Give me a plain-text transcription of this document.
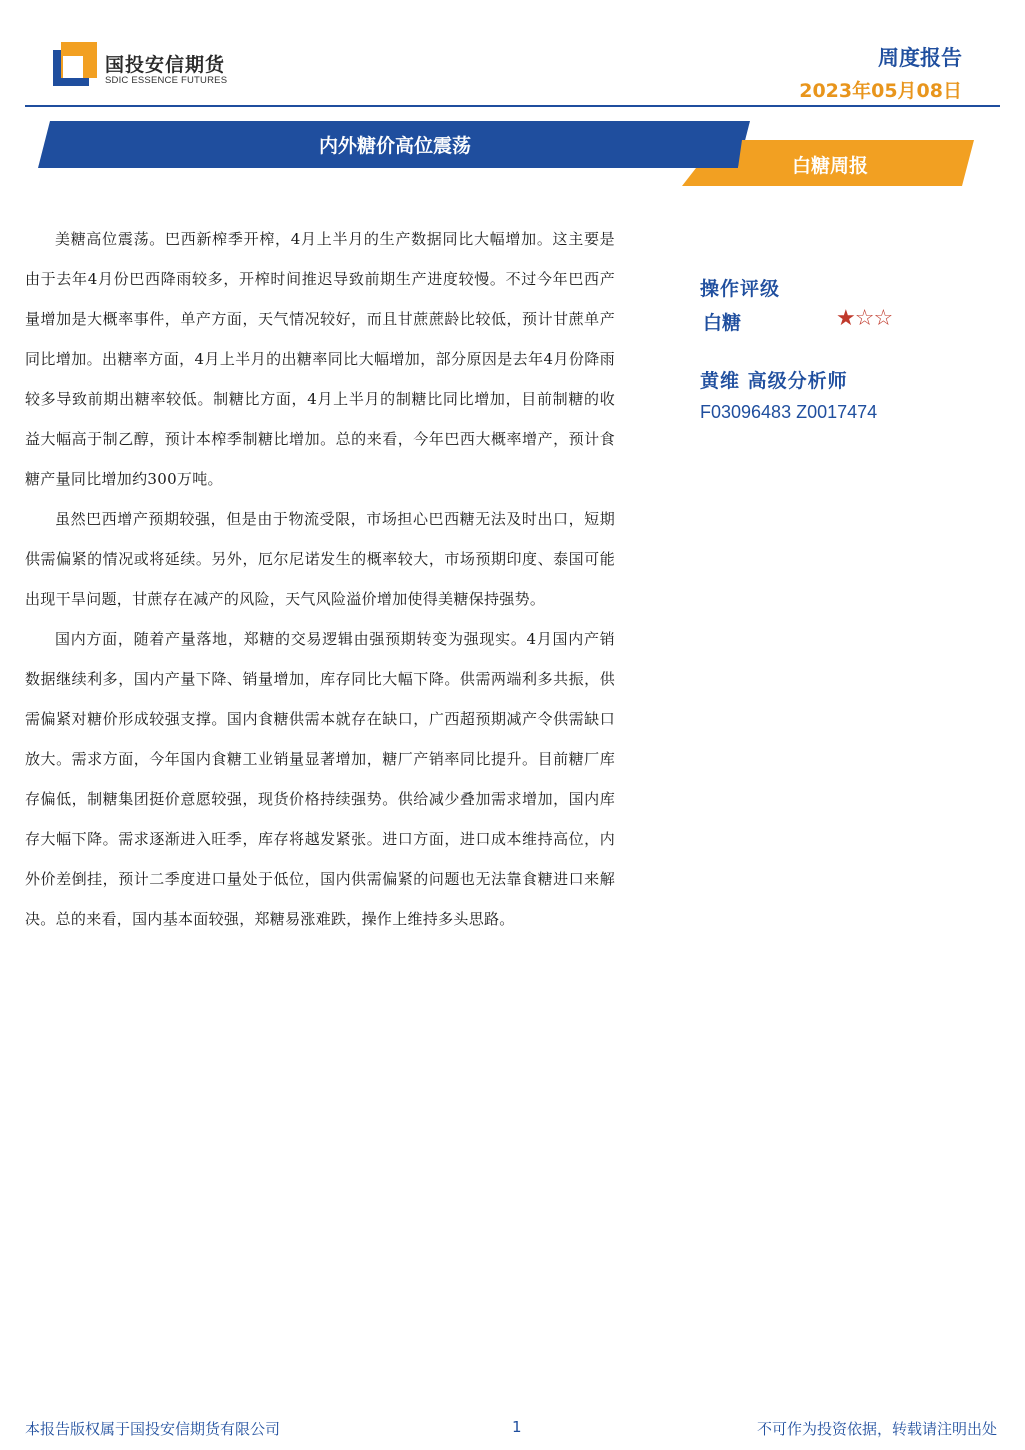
国投安信期货
SDIC ESSENCE FUTURES
周度报告
2023年05月08日
内外糖价高位震荡
白糖周报

美糖高位震荡。巴西新榨季开榨，4月上半月的生产数据同比大幅增加。这主要是由于去年4月份巴西降雨较多，开榨时间推迟导致前期生产进度较慢。不过今年巴西产量增加是大概率事件，单产方面，天气情况较好，而且甘蔗蔗龄比较低，预计甘蔗单产同比增加。出糖率方面，4月上半月的出糖率同比大幅增加，部分原因是去年4月份降雨较多导致前期出糖率较低。制糖比方面，4月上半月的制糖比同比增加，目前制糖的收益大幅高于制乙醇，预计本榨季制糖比增加。总的来看，今年巴西大概率增产，预计食糖产量同比增加约300万吨。

虽然巴西增产预期较强，但是由于物流受限，市场担心巴西糖无法及时出口，短期供需偏紧的情况或将延续。另外，厄尔尼诺发生的概率较大，市场预期印度、泰国可能出现干旱问题，甘蔗存在减产的风险，天气风险溢价增加使得美糖保持强势。

国内方面，随着产量落地，郑糖的交易逻辑由强预期转变为强现实。4月国内产销数据继续利多，国内产量下降、销量增加，库存同比大幅下降。供需两端利多共振，供需偏紧对糖价形成较强支撑。国内食糖供需本就存在缺口，广西超预期减产令供需缺口放大。需求方面，今年国内食糖工业销量显著增加，糖厂产销率同比提升。目前糖厂库存偏低，制糖集团挺价意愿较强，现货价格持续强势。供给减少叠加需求增加，国内库存大幅下降。需求逐渐进入旺季，库存将越发紧张。进口方面，进口成本维持高位，内外价差倒挂，预计二季度进口量处于低位，国内供需偏紧的问题也无法靠食糖进口来解决。总的来看，国内基本面较强，郑糖易涨难跌，操作上维持多头思路。

操作评级
白糖	★☆☆
黄维 高级分析师
F03096483 Z0017474
本报告版权属于国投安信期货有限公司	1	不可作为投资依据，转载请注明出处
